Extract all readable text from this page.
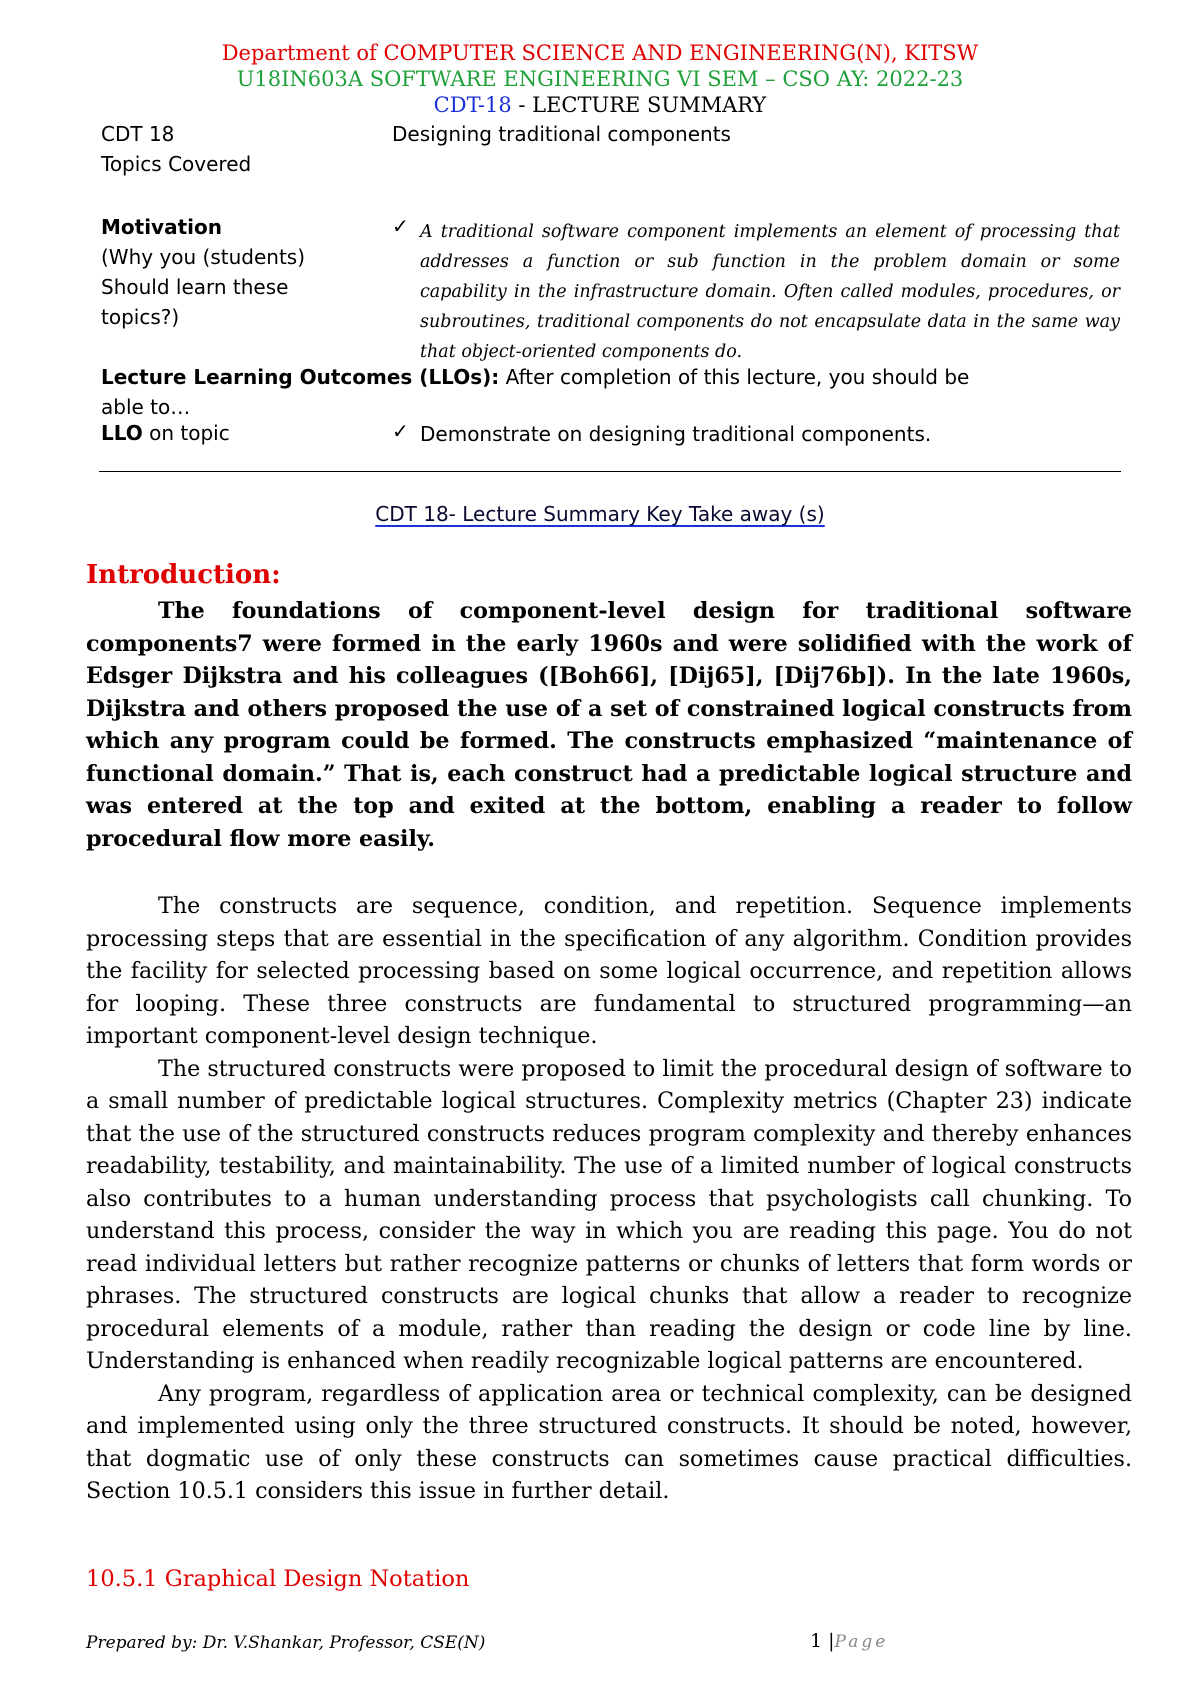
Department of COMPUTER SCIENCE AND ENGINEERING(N), KITSW
U18IN603A SOFTWARE ENGINEERING VI SEM – CSO AY: 2022-23
CDT-18 - LECTURE SUMMARY
CDT 18
Topics Covered
Designing traditional components
Motivation
(Why you (students)
Should learn these
topics?)
✓ A traditional software component implements an element of processing that addresses a function or sub function in the problem domain or some capability in the infrastructure domain. Often called modules, procedures, or subroutines, traditional components do not encapsulate data in the same way that object-oriented components do.
Lecture Learning Outcomes (LLOs): After completion of this lecture, you should be
able to…
LLO on topic	✓ Demonstrate on designing traditional components.
CDT 18- Lecture Summary Key Take away (s)
Introduction:

The foundations of component-level design for traditional software components7 were formed in the early 1960s and were solidified with the work of Edsger Dijkstra and his colleagues ([Boh66], [Dij65], [Dij76b]). In the late 1960s, Dijkstra and others proposed the use of a set of constrained logical constructs from which any program could be formed. The constructs emphasized “maintenance of functional domain.” That is, each construct had a predictable logical structure and was entered at the top and exited at the bottom, enabling a reader to follow procedural flow more easily.

The constructs are sequence, condition, and repetition. Sequence implements processing steps that are essential in the specification of any algorithm. Condition provides the facility for selected processing based on some logical occurrence, and repetition allows for looping. These three constructs are fundamental to structured programming—an important component-level design technique.

The structured constructs were proposed to limit the procedural design of software to a small number of predictable logical structures. Complexity metrics (Chapter 23) indicate that the use of the structured constructs reduces program complexity and thereby enhances readability, testability, and maintainability. The use of a limited number of logical constructs also contributes to a human understanding process that psychologists call chunking. To understand this process, consider the way in which you are reading this page. You do not read individual letters but rather recognize patterns or chunks of letters that form words or phrases. The structured constructs are logical chunks that allow a reader to recognize procedural elements of a module, rather than reading the design or code line by line. Understanding is enhanced when readily recognizable logical patterns are encountered.

Any program, regardless of application area or technical complexity, can be designed and implemented using only the three structured constructs. It should be noted, however, that dogmatic use of only these constructs can sometimes cause practical difficulties. Section 10.5.1 considers this issue in further detail.

10.5.1 Graphical Design Notation
Prepared by: Dr. V.Shankar, Professor, CSE(N)	1 |Page
